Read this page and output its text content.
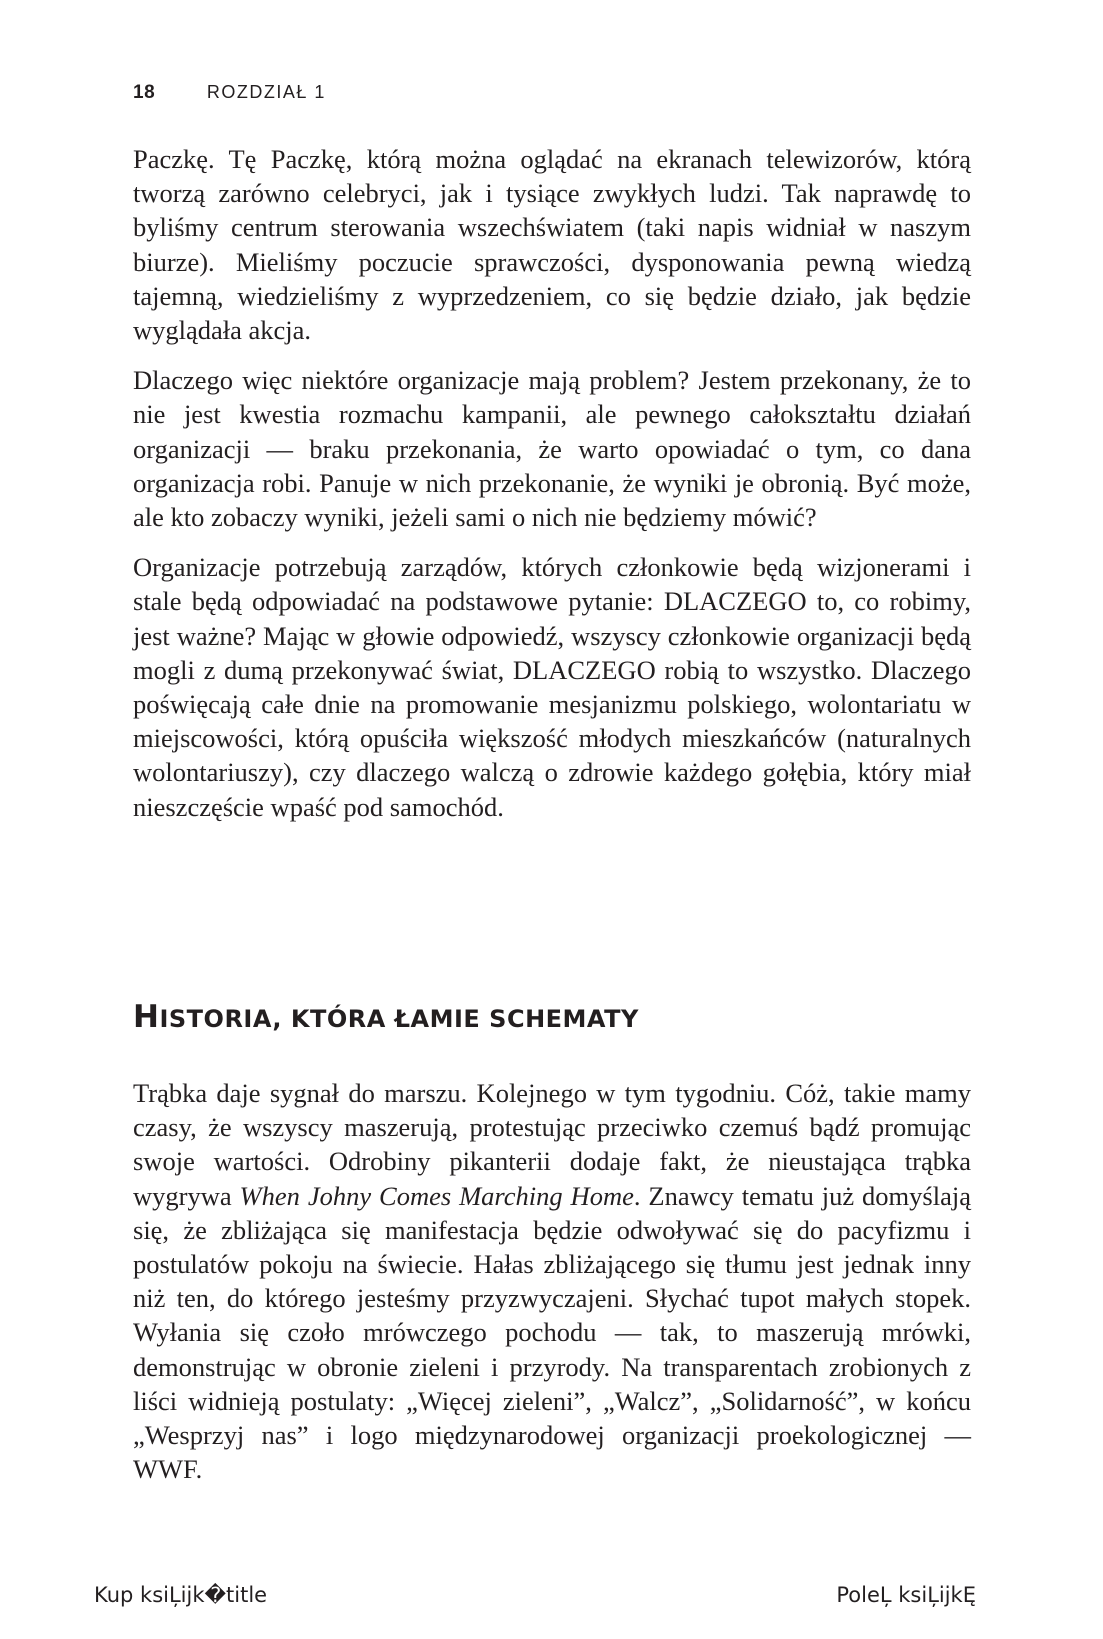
18	ROZDZIAŁ 1

Paczkę. Tę Paczkę, którą można oglądać na ekranach telewizorów, którą tworzą zarówno celebryci, jak i tysiące zwykłych ludzi. Tak naprawdę to byliśmy centrum sterowania wszechświatem (taki napis widniał w naszym biurze). Mieliśmy poczucie sprawczości, dysponowania pewną wiedzą tajemną, wiedzieliśmy z wyprzedzeniem, co się będzie działo, jak będzie wyglądała akcja.

Dlaczego więc niektóre organizacje mają problem? Jestem przekonany, że to nie jest kwestia rozmachu kampanii, ale pewnego całokształtu działań organizacji — braku przekonania, że warto opowiadać o tym, co dana organizacja robi. Panuje w nich przekonanie, że wyniki je obronią. Być może, ale kto zobaczy wyniki, jeżeli sami o nich nie będziemy mówić?

Organizacje potrzebują zarządów, których członkowie będą wizjonerami i stale będą odpowiadać na podstawowe pytanie: DLACZEGO to, co robimy, jest ważne? Mając w głowie odpowiedź, wszyscy członkowie organizacji będą mogli z dumą przekonywać świat, DLACZEGO robią to wszystko. Dlaczego poświęcają całe dnie na promowanie mesjanizmu polskiego, wolontariatu w miejscowości, którą opuściła większość młodych mieszkańców (naturalnych wolontariuszy), czy dlaczego walczą o zdrowie każdego gołębia, który miał nieszczęście wpaść pod samochód.

HISTORIA, KTÓRA ŁAMIE SCHEMATY

Trąbka daje sygnał do marszu. Kolejnego w tym tygodniu. Cóż, takie mamy czasy, że wszyscy maszerują, protestując przeciwko czemuś bądź promując swoje wartości. Odrobiny pikanterii dodaje fakt, że nieustająca trąbka wygrywa When Johny Comes Marching Home. Znawcy tematu już domyślają się, że zbliżająca się manifestacja będzie odwoływać się do pacyfizmu i postulatów pokoju na świecie. Hałas zbliżającego się tłumu jest jednak inny niż ten, do którego jesteśmy przyzwyczajeni. Słychać tupot małych stopek. Wyłania się czoło mrówczego pochodu — tak, to maszerują mrówki, demonstrując w obronie zieleni i przyrody. Na transparentach zrobionych z liści widnieją postulaty: „Więcej zieleni”, „Walcz”, „Solidarność”, w końcu „Wesprzyj nas” i logo międzynarodowej organizacji proekologicznej — WWF.

Kup ksiĻĳk�title	PoleĻ ksiĻĳkĘ
